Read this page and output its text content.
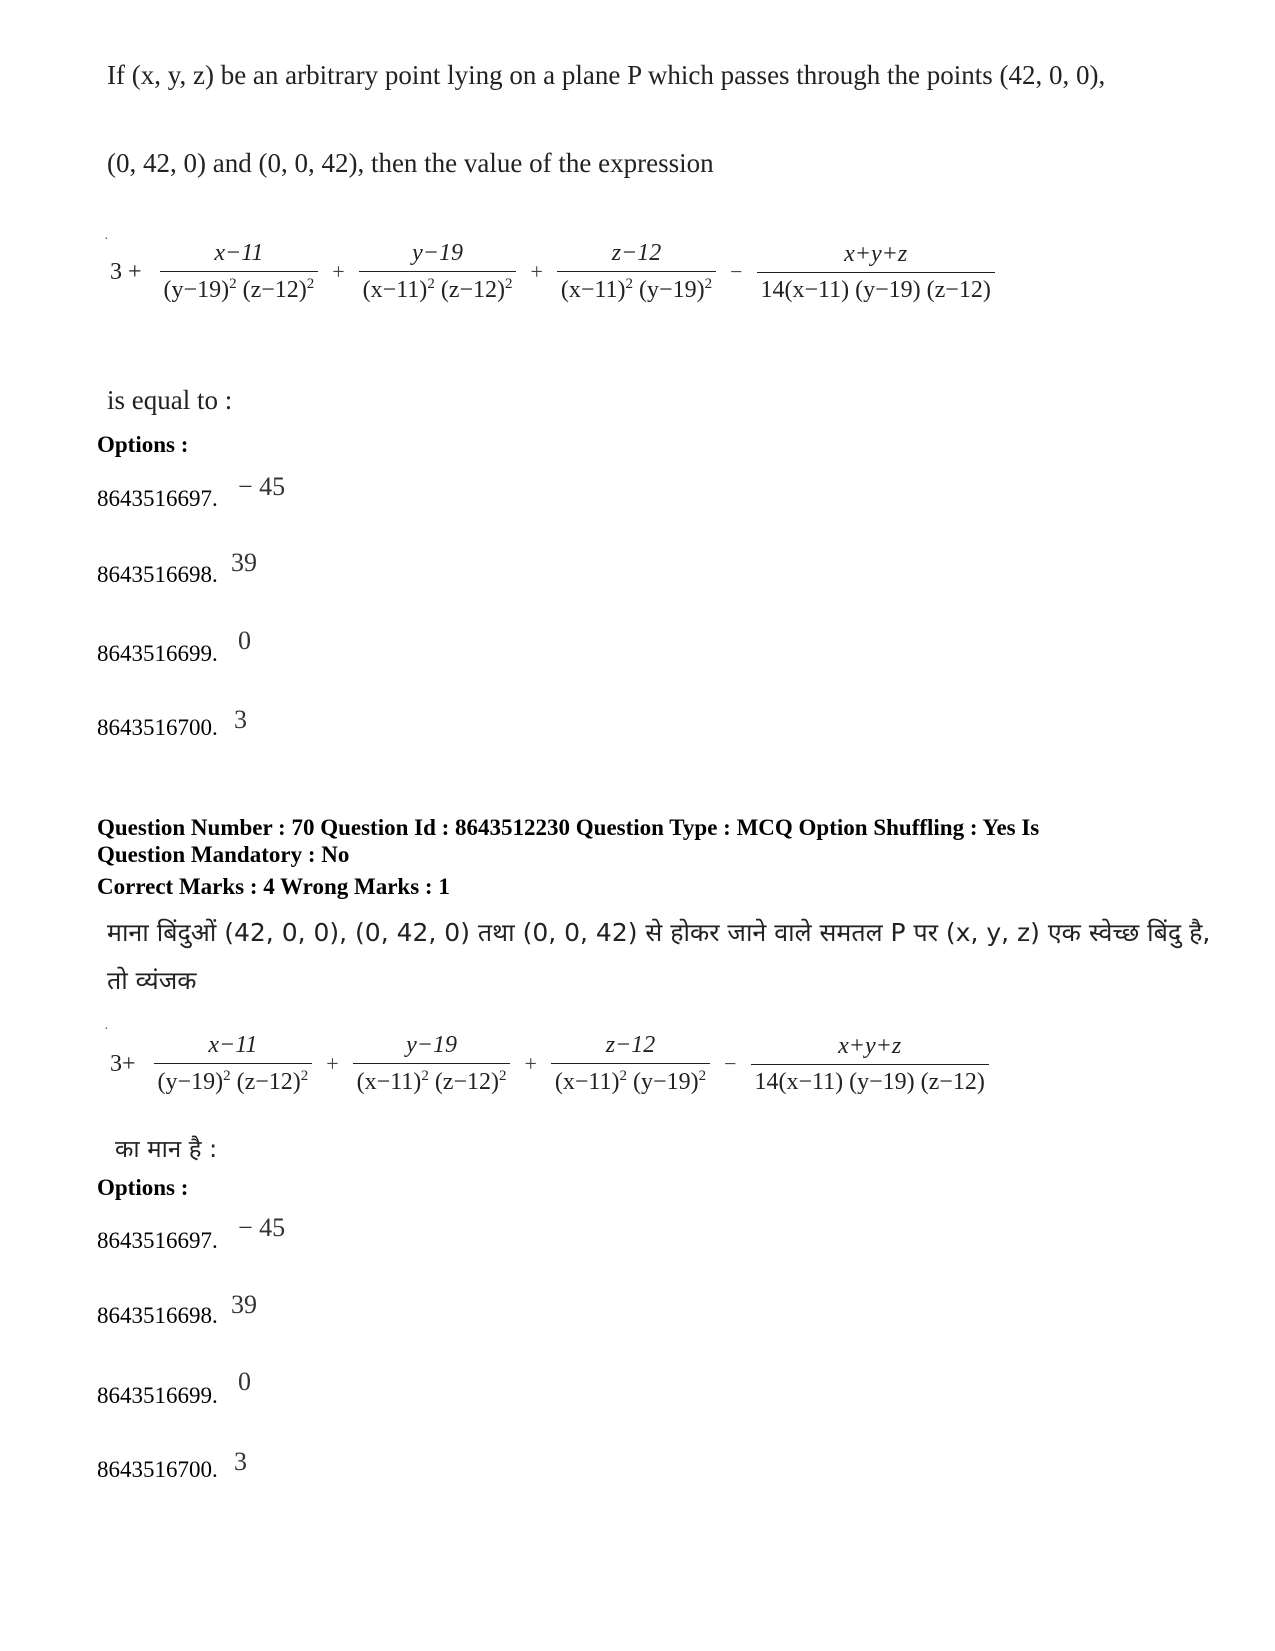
If (x, y, z) be an arbitrary point lying on a plane P which passes through the points (42, 0, 0),
(0, 42, 0) and (0, 0, 42), then the value of the expression
·
$3 + \frac{x-11}{(y-19)^2 (z-12)^2} + \frac{y-19}{(x-11)^2 (z-12)^2} + \frac{z-12}{(x-11)^2 (y-19)^2} - \frac{x+y+z}{14(x-11) (y-19) (z-12)}$
is equal to :
Options :
8643516697. − 45
8643516698. 39
8643516699. 0
8643516700. 3
Question Number : 70 Question Id : 8643512230 Question Type : MCQ Option Shuffling : Yes Is
Question Mandatory : No
Correct Marks : 4 Wrong Marks : 1
माना बिंदुओं (42, 0, 0), (0, 42, 0) तथा (0, 0, 42) से होकर जाने वाले समतल P पर (x, y, z) एक स्वेच्छ बिंदु है,
तो व्यंजक
·
$3+ \frac{x-11}{(y-19)^2 (z-12)^2} + \frac{y-19}{(x-11)^2 (z-12)^2} + \frac{z-12}{(x-11)^2 (y-19)^2} - \frac{x+y+z}{14(x-11) (y-19) (z-12)}$
का मान है :
Options :
8643516697. − 45
8643516698. 39
8643516699. 0
8643516700. 3
